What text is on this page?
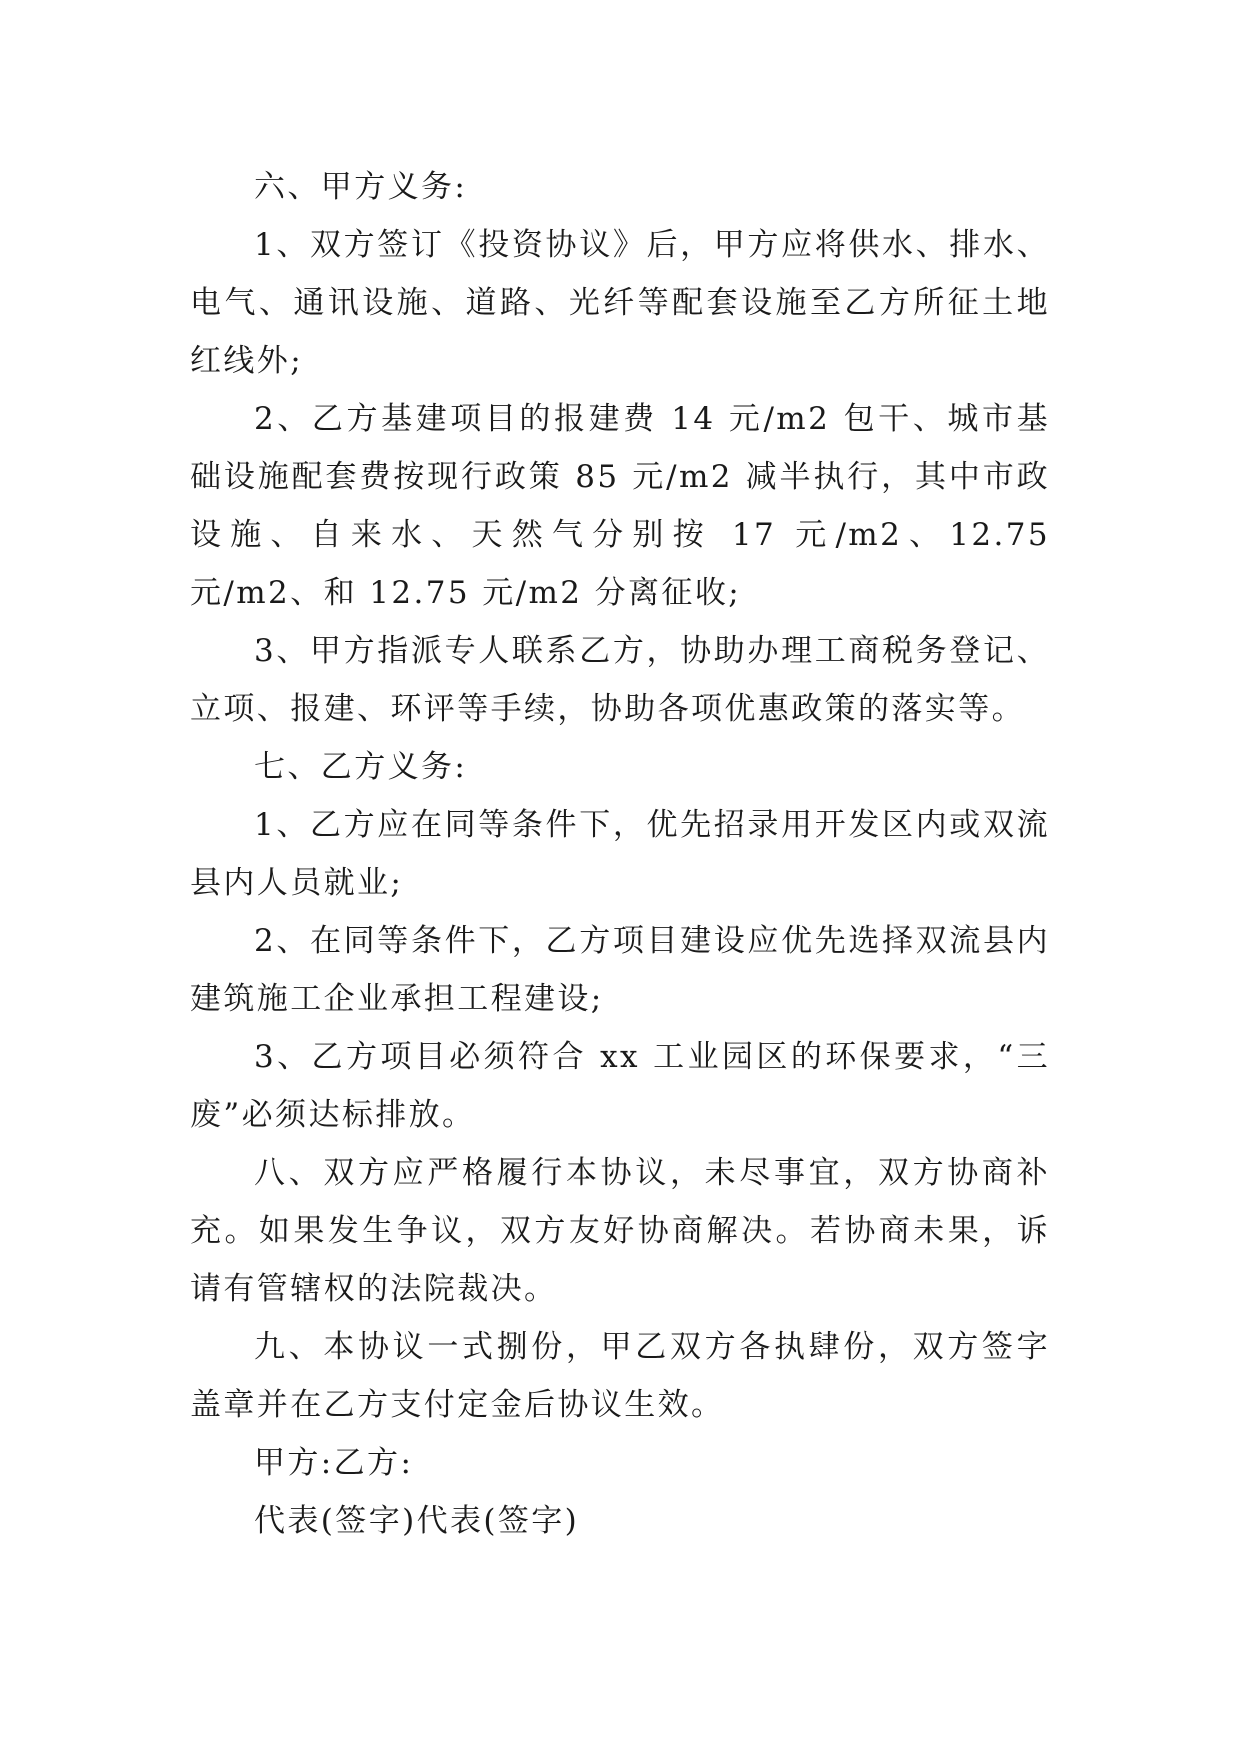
六、甲方义务:

1、双方签订《投资协议》后，甲方应将供水、排水、电气、通讯设施、道路、光纤等配套设施至乙方所征土地红线外;

2、乙方基建项目的报建费 14 元/m2 包干、城市基础设施配套费按现行政策 85 元/m2 减半执行，其中市政设施、自来水、天然气分别按 17 元/m2、12.75 元/m2、和 12.75 元/m2 分离征收;

3、甲方指派专人联系乙方，协助办理工商税务登记、立项、报建、环评等手续，协助各项优惠政策的落实等。

七、乙方义务:

1、乙方应在同等条件下，优先招录用开发区内或双流县内人员就业;

2、在同等条件下，乙方项目建设应优先选择双流县内建筑施工企业承担工程建设;

3、乙方项目必须符合 xx 工业园区的环保要求，“三废”必须达标排放。

八、双方应严格履行本协议，未尽事宜，双方协商补充。如果发生争议，双方友好协商解决。若协商未果，诉请有管辖权的法院裁决。

九、本协议一式捌份，甲乙双方各执肆份，双方签字盖章并在乙方支付定金后协议生效。

甲方:乙方:

代表(签字)代表(签字)
